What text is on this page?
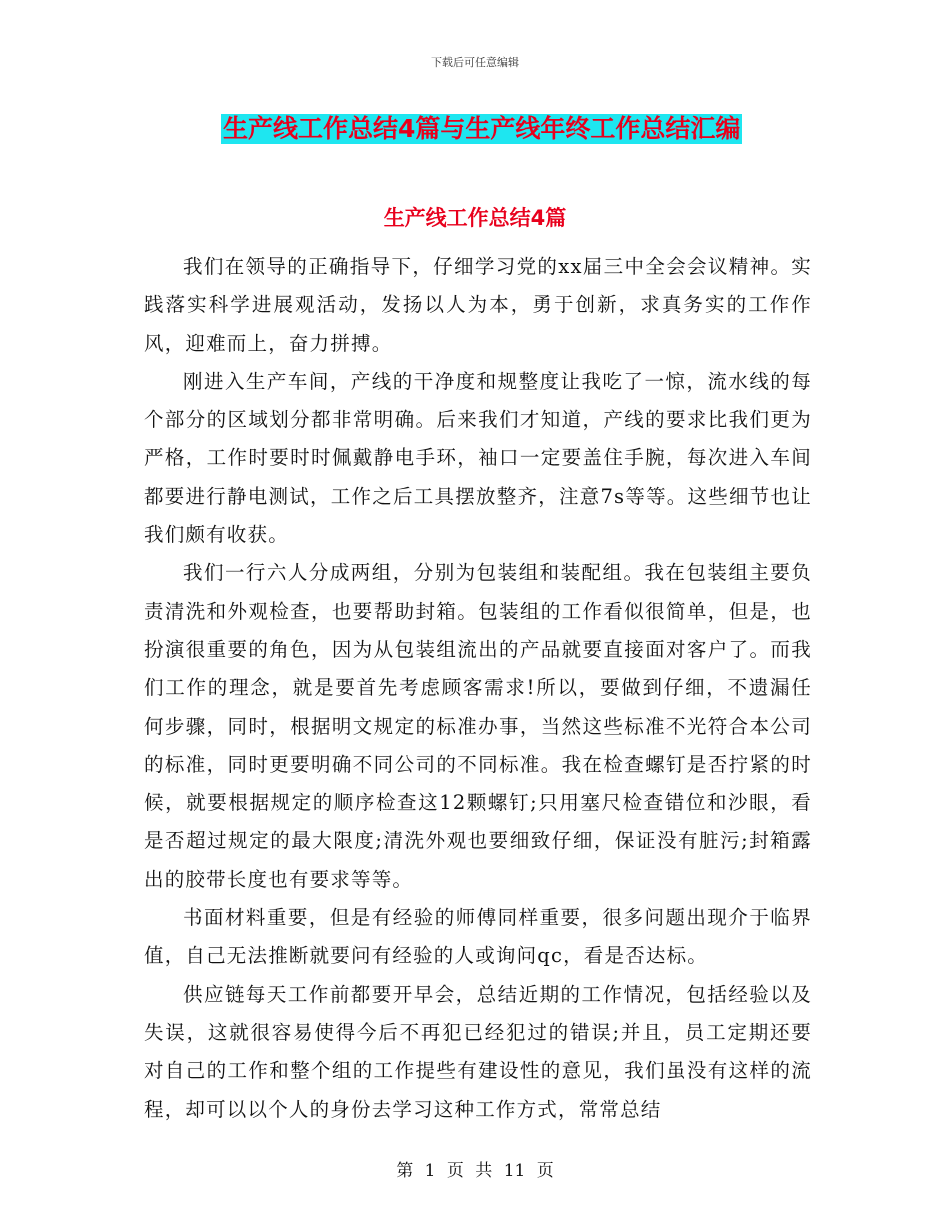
下载后可任意编辑
生产线工作总结4篇与生产线年终工作总结汇编
生产线工作总结4篇

我们在领导的正确指导下，仔细学习党的xx届三中全会会议精神。实践落实科学进展观活动，发扬以人为本，勇于创新，求真务实的工作作风，迎难而上，奋力拼搏。

刚进入生产车间，产线的干净度和规整度让我吃了一惊，流水线的每个部分的区域划分都非常明确。后来我们才知道，产线的要求比我们更为严格，工作时要时时佩戴静电手环，袖口一定要盖住手腕，每次进入车间都要进行静电测试，工作之后工具摆放整齐，注意7s等等。这些细节也让我们颇有收获。

我们一行六人分成两组，分别为包装组和装配组。我在包装组主要负责清洗和外观检查，也要帮助封箱。包装组的工作看似很简单，但是，也扮演很重要的角色，因为从包装组流出的产品就要直接面对客户了。而我们工作的理念，就是要首先考虑顾客需求!所以，要做到仔细，不遗漏任何步骤，同时，根据明文规定的标准办事，当然这些标准不光符合本公司的标准，同时更要明确不同公司的不同标准。我在检查螺钉是否拧紧的时候，就要根据规定的顺序检查这12颗螺钉;只用塞尺检查错位和沙眼，看是否超过规定的最大限度;清洗外观也要细致仔细，保证没有脏污;封箱露出的胶带长度也有要求等等。

书面材料重要，但是有经验的师傅同样重要，很多问题出现介于临界值，自己无法推断就要问有经验的人或询问qc，看是否达标。

供应链每天工作前都要开早会，总结近期的工作情况，包括经验以及失误，这就很容易使得今后不再犯已经犯过的错误;并且，员工定期还要对自己的工作和整个组的工作提些有建设性的意见，我们虽没有这样的流程，却可以以个人的身份去学习这种工作方式，常常总结

第 1 页 共 11 页
